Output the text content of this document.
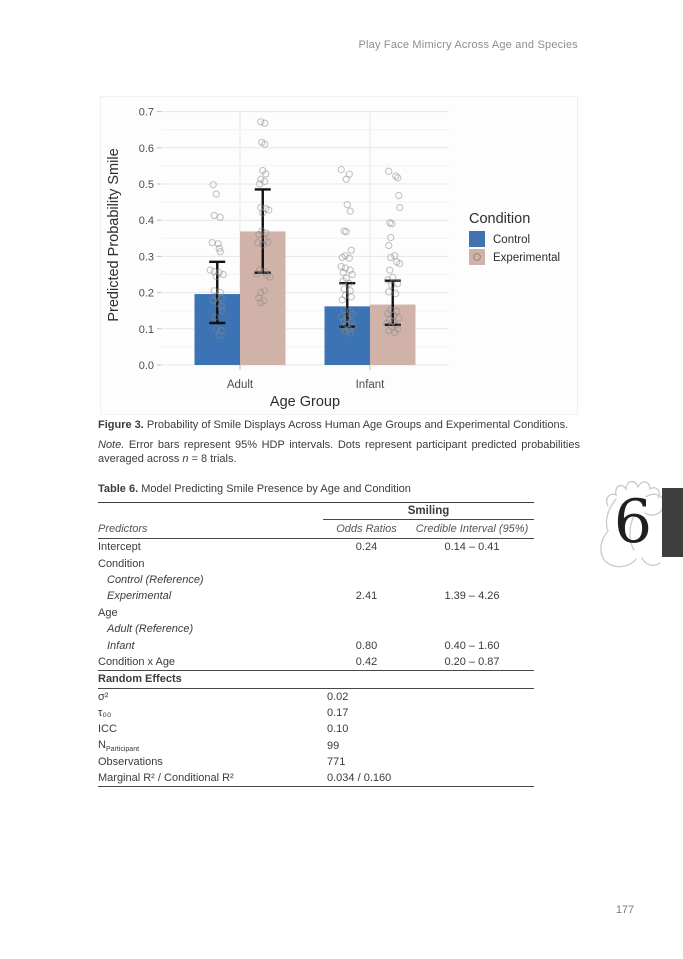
Play Face Mimicry Across Age and Species
0.0
0.1
0.2
0.3
0.4
0.5
0.6
0.7
Adult	Infant
Age Group
Predicted Probability Smile	Condition
Control
Experimental

Figure 3. Probability of Smile Displays Across Human Age Groups and Experimental Conditions.

Note. Error bars represent 95% HDP intervals. Dots represent participant predicted probabilities averaged across n = 8 trials.

Table 6. Model Predicting Smile Presence by Age and Condition
Smiling
Predictors	Odds Ratios	Credible Interval (95%)
Intercept	0.24	0.14 – 0.41
Condition
Control (Reference)
Experimental	2.41	1.39 – 4.26
Age
Adult (Reference)
Infant	0.80	0.40 – 1.60
Condition x Age	0.42	0.20 – 0.87
Random Effects
σ²	0.02
τ₀₀	0.17
ICC	0.10
$N_{Participant}$	99
Observations	771
Marginal R² / Conditional R²	0.034 / 0.160
6
177
